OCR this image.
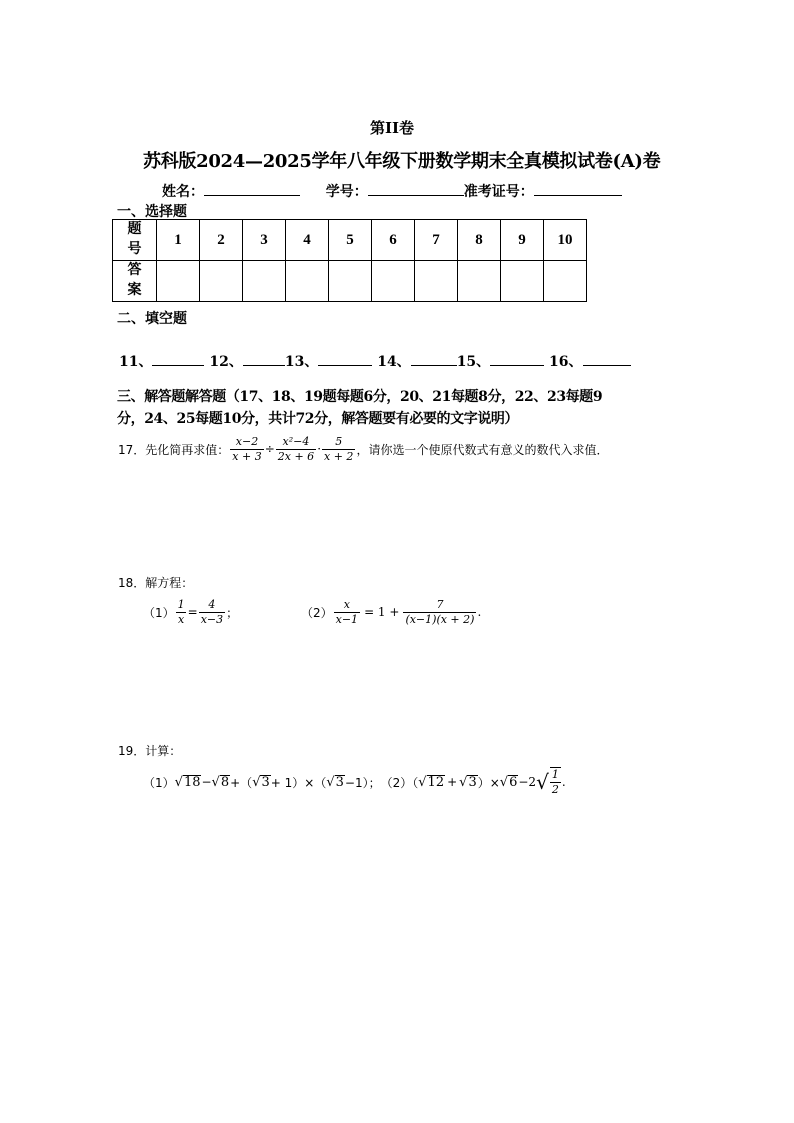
第II卷
苏科版2024—2025学年八年级下册数学期末全真模拟试卷(A)卷
姓名：	学号：	准考证号：
一、选择题
题号	1	2	3	4	5	6	7	8	9	10
答案										
二、填空题
11、	12、	13、	14、	15、	16、
三、解答题解答题（17、18、19题每题6分，20、21每题8分，22、23每题9
分，24、25每题10分，共计72分，解答题要有必要的文字说明）
17．先化简再求值： $\frac{x-2}{x + 3} \div \frac{\text{x²−4}}{2x + 6} \cdot \frac{5}{x + 2}$ ，请你选一个使原代数式有意义的数代入求值．
18．解方程：
$(1) \frac{1}{x} = \frac{4}{x-3}$ ；	$(2) \frac{x}{x-1} = 1 + \frac{7}{(x-1)(x + 2)}$ .
19．计算：
（1） √ 18 − √ 8 +（ √ 3 + 1）×（ √ 3 −1）； （2）（ √ 12 + √ 3 ）× √ 6 −2 √ $\frac{1}{2}$ .
